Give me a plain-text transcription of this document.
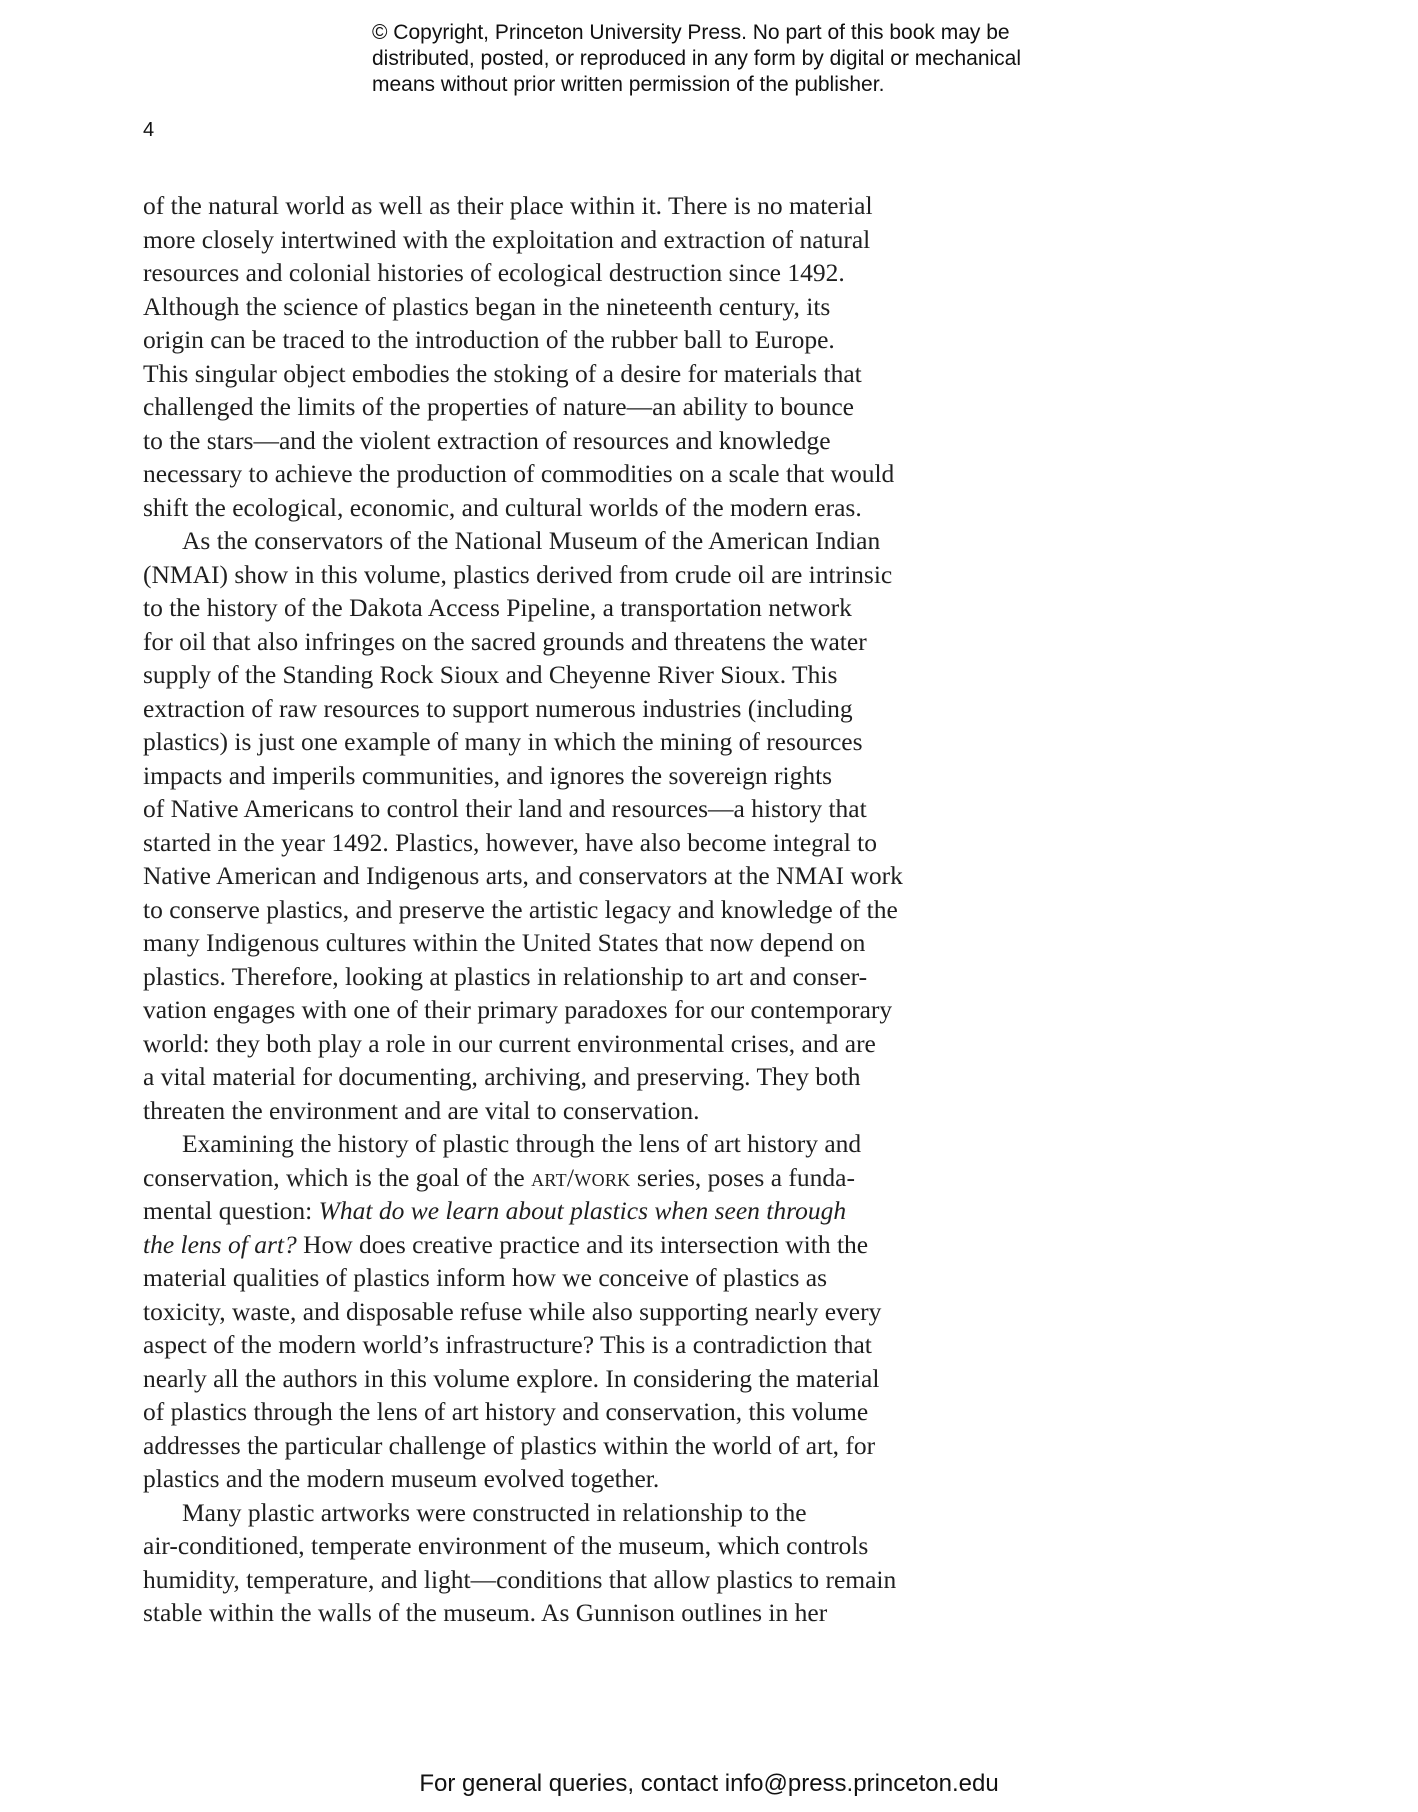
© Copyright, Princeton University Press. No part of this book may be
distributed, posted, or reproduced in any form by digital or mechanical
means without prior written permission of the publisher.
4
of the natural world as well as their place within it. There is no material
more closely intertwined with the exploitation and extraction of natural
resources and colonial histories of ecological destruction since 1492.
Although the science of plastics began in the nineteenth century, its
origin can be traced to the introduction of the rubber ball to Europe.
This singular object embodies the stoking of a desire for materials that
challenged the limits of the properties of nature—an ability to bounce
to the stars—and the violent extraction of resources and knowledge
necessary to achieve the production of commodities on a scale that would
shift the ecological, economic, and cultural worlds of the modern eras.
As the conservators of the National Museum of the American Indian
(NMAI) show in this volume, plastics derived from crude oil are intrinsic
to the history of the Dakota Access Pipeline, a transportation network
for oil that also infringes on the sacred grounds and threatens the water
supply of the Standing Rock Sioux and Cheyenne River Sioux. This
extraction of raw resources to support numerous industries (including
plastics) is just one example of many in which the mining of resources
impacts and imperils communities, and ignores the sovereign rights
of Native Americans to control their land and resources—a history that
started in the year 1492. Plastics, however, have also become integral to
Native American and Indigenous arts, and conservators at the NMAI work
to conserve plastics, and preserve the artistic legacy and knowledge of the
many Indigenous cultures within the United States that now depend on
plastics. Therefore, looking at plastics in relationship to art and conser-
vation engages with one of their primary paradoxes for our contemporary
world: they both play a role in our current environmental crises, and are
a vital material for documenting, archiving, and preserving. They both
threaten the environment and are vital to conservation.
Examining the history of plastic through the lens of art history and
conservation, which is the goal of the art/work series, poses a funda-
mental question: What do we learn about plastics when seen through
the lens of art? How does creative practice and its intersection with the
material qualities of plastics inform how we conceive of plastics as
toxicity, waste, and disposable refuse while also supporting nearly every
aspect of the modern world’s infrastructure? This is a contradiction that
nearly all the authors in this volume explore. In considering the material
of plastics through the lens of art history and conservation, this volume
addresses the particular challenge of plastics within the world of art, for
plastics and the modern museum evolved together.
Many plastic artworks were constructed in relationship to the
air-conditioned, temperate environment of the museum, which controls
humidity, temperature, and light—conditions that allow plastics to remain
stable within the walls of the museum. As Gunnison outlines in her
For general queries, contact info@press.princeton.edu
